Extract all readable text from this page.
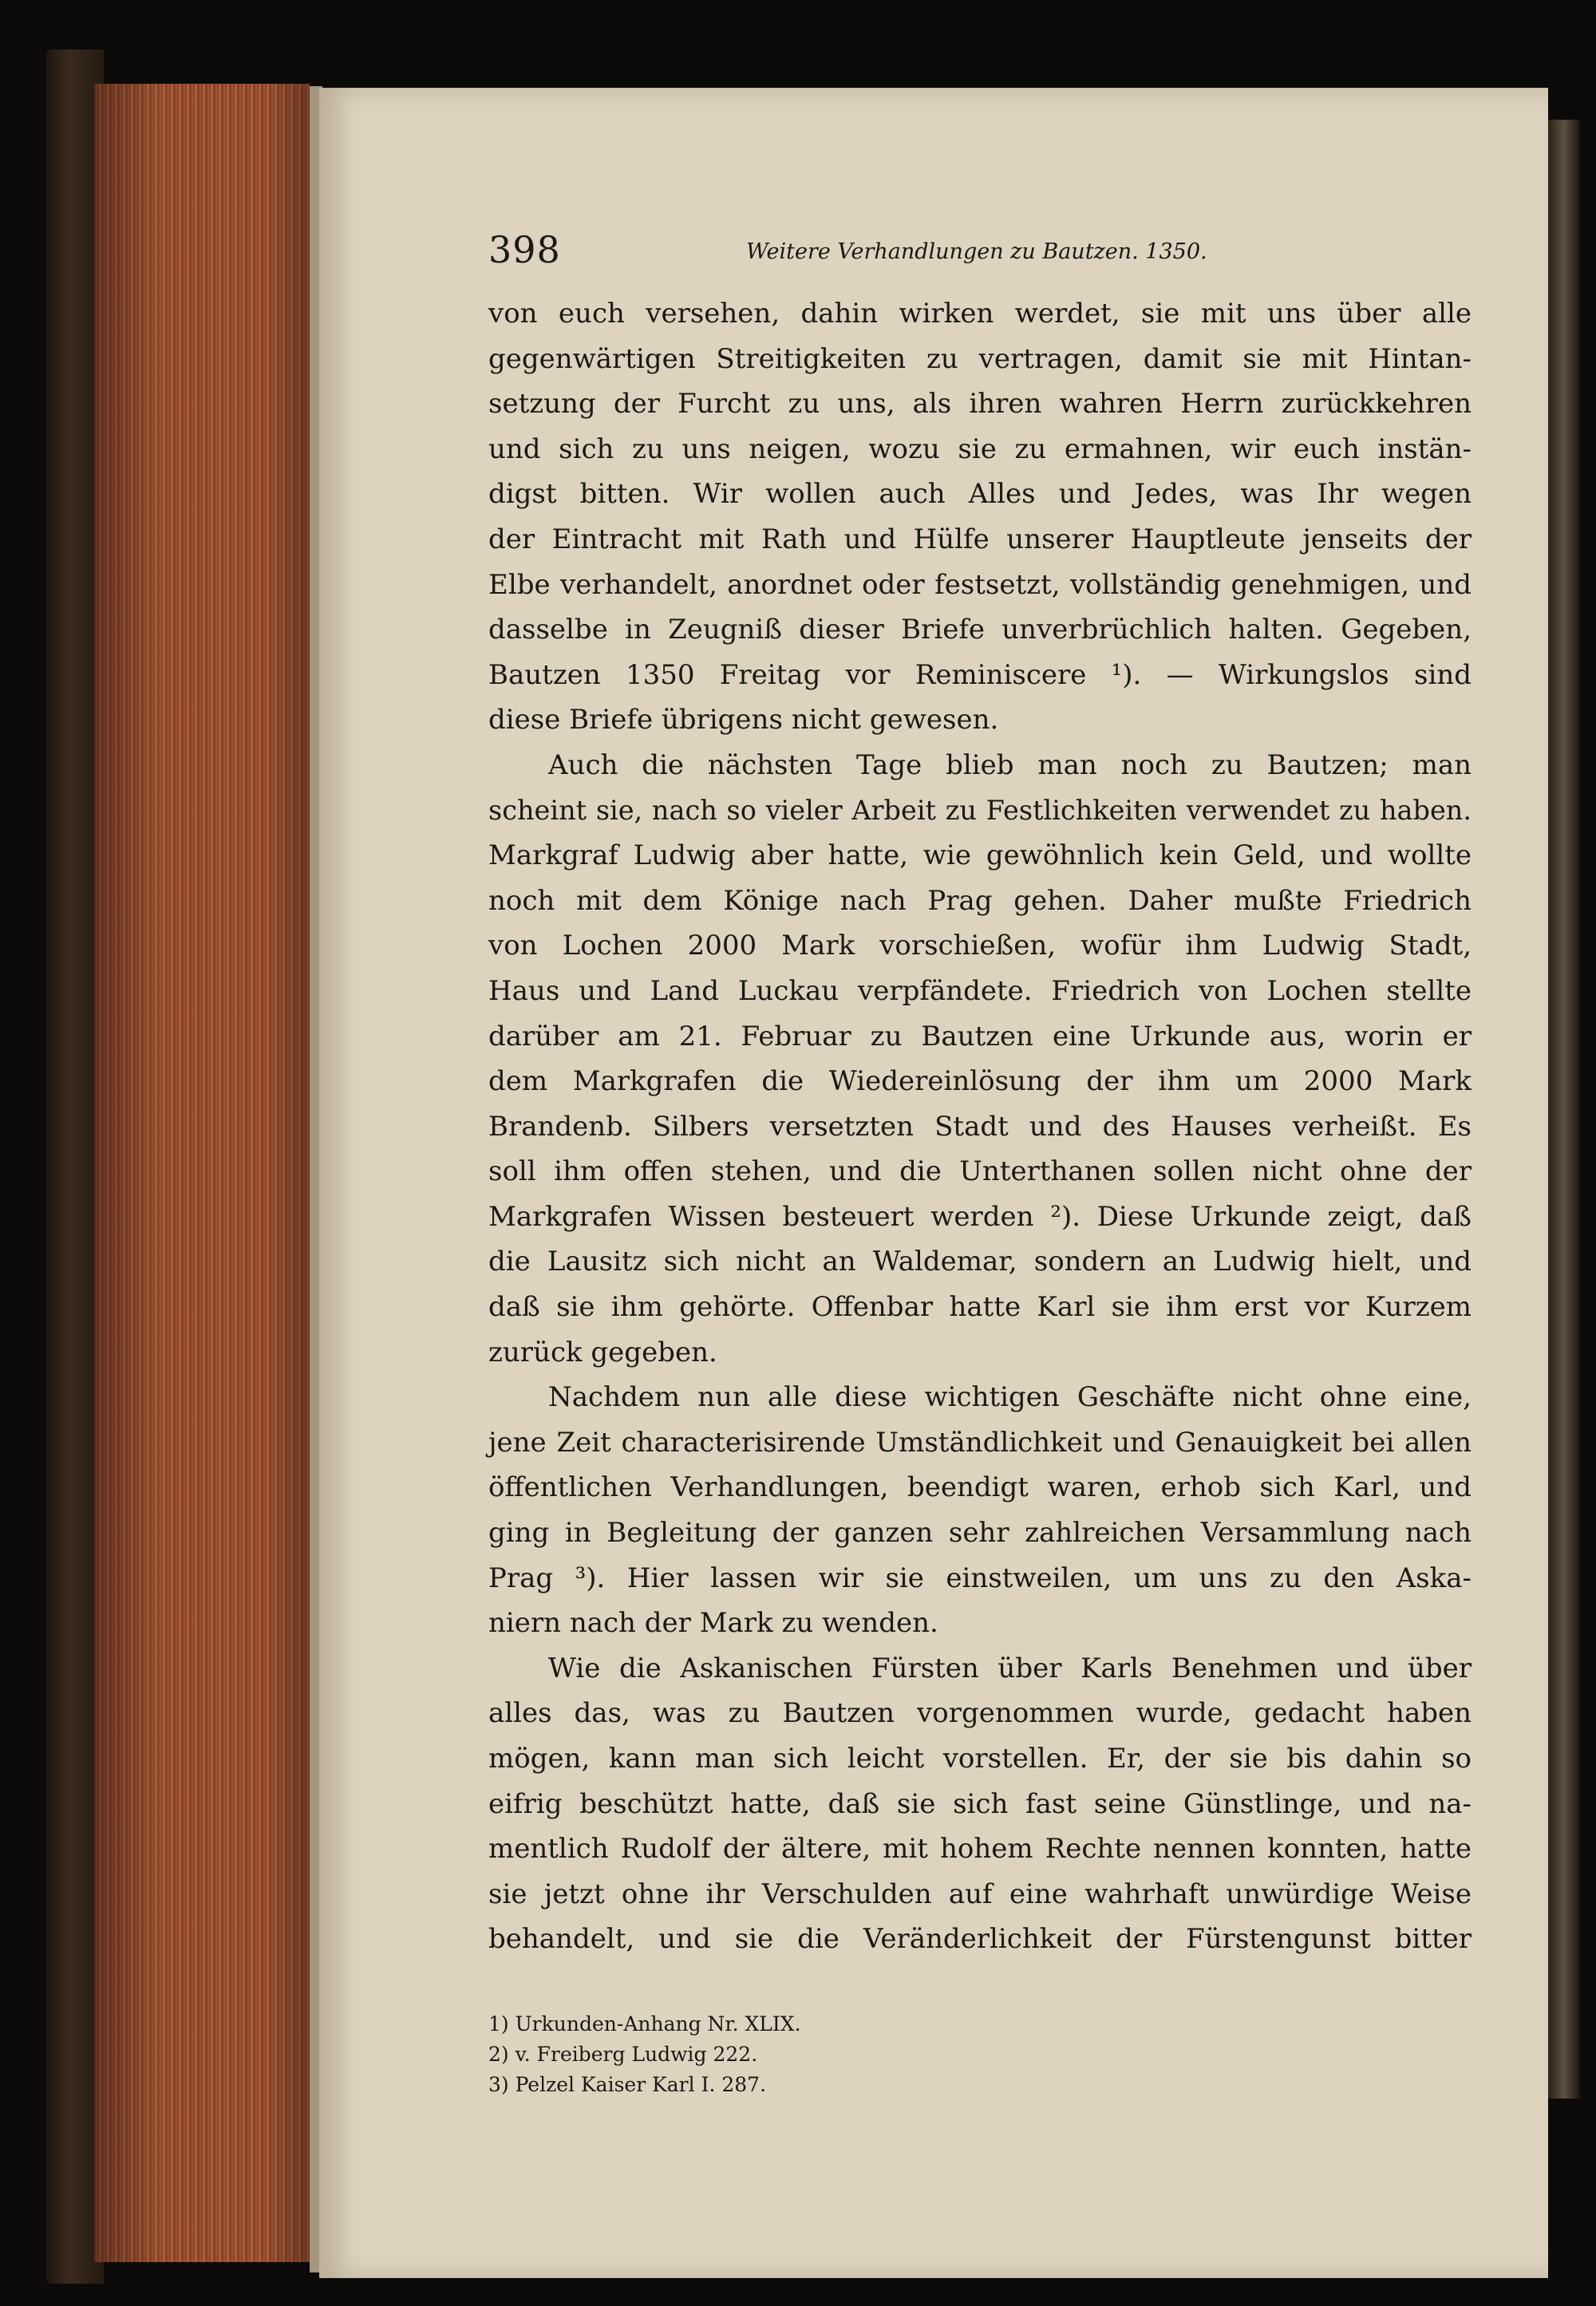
398	Weitere Verhandlungen zu Bautzen. 1350.
von euch versehen, dahin wirken werdet, sie mit uns über alle
gegenwärtigen Streitigkeiten zu vertragen, damit sie mit Hintan-
setzung der Furcht zu uns, als ihren wahren Herrn zurückkehren
und sich zu uns neigen, wozu sie zu ermahnen, wir euch instän-
digst bitten. Wir wollen auch Alles und Jedes, was Ihr wegen
der Eintracht mit Rath und Hülfe unserer Hauptleute jenseits der
Elbe verhandelt, anordnet oder festsetzt, vollständig genehmigen, und
dasselbe in Zeugniß dieser Briefe unverbrüchlich halten. Gegeben,
Bautzen 1350 Freitag vor Reminiscere ¹). — Wirkungslos sind
diese Briefe übrigens nicht gewesen.
Auch die nächsten Tage blieb man noch zu Bautzen; man
scheint sie, nach so vieler Arbeit zu Festlichkeiten verwendet zu haben.
Markgraf Ludwig aber hatte, wie gewöhnlich kein Geld, und wollte
noch mit dem Könige nach Prag gehen. Daher mußte Friedrich
von Lochen 2000 Mark vorschießen, wofür ihm Ludwig Stadt,
Haus und Land Luckau verpfändete. Friedrich von Lochen stellte
darüber am 21. Februar zu Bautzen eine Urkunde aus, worin er
dem Markgrafen die Wiedereinlösung der ihm um 2000 Mark
Brandenb. Silbers versetzten Stadt und des Hauses verheißt. Es
soll ihm offen stehen, und die Unterthanen sollen nicht ohne der
Markgrafen Wissen besteuert werden ²). Diese Urkunde zeigt, daß
die Lausitz sich nicht an Waldemar, sondern an Ludwig hielt, und
daß sie ihm gehörte. Offenbar hatte Karl sie ihm erst vor Kurzem
zurück gegeben.
Nachdem nun alle diese wichtigen Geschäfte nicht ohne eine,
jene Zeit characterisirende Umständlichkeit und Genauigkeit bei allen
öffentlichen Verhandlungen, beendigt waren, erhob sich Karl, und
ging in Begleitung der ganzen sehr zahlreichen Versammlung nach
Prag ³). Hier lassen wir sie einstweilen, um uns zu den Aska-
niern nach der Mark zu wenden.
Wie die Askanischen Fürsten über Karls Benehmen und über
alles das, was zu Bautzen vorgenommen wurde, gedacht haben
mögen, kann man sich leicht vorstellen. Er, der sie bis dahin so
eifrig beschützt hatte, daß sie sich fast seine Günstlinge, und na-
mentlich Rudolf der ältere, mit hohem Rechte nennen konnten, hatte
sie jetzt ohne ihr Verschulden auf eine wahrhaft unwürdige Weise
behandelt, und sie die Veränderlichkeit der Fürstengunst bitter
1) Urkunden-Anhang Nr. XLIX.
2) v. Freiberg Ludwig 222.
3) Pelzel Kaiser Karl I. 287.
